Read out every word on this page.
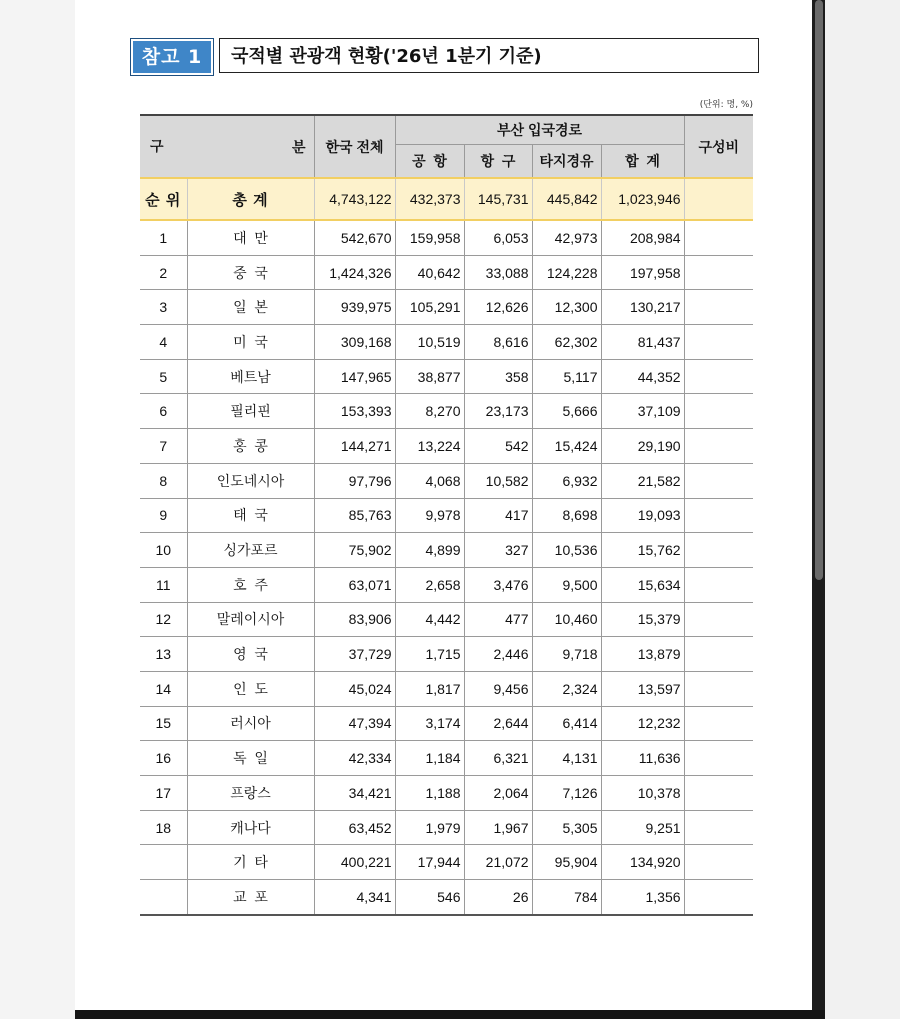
참고 1	국적별 관광객 현황('26년 1분기 기준)
(단위: 명, %)
구	분	한국 전체	부산 입국경로				구성비
			공  항	항  구	타지경유	합  계	
순 위	총 계	4,743,122	432,373	145,731	445,842	1,023,946	
1	대  만	542,670	159,958	6,053	42,973	208,984	
2	중  국	1,424,326	40,642	33,088	124,228	197,958	
3	일  본	939,975	105,291	12,626	12,300	130,217	
4	미  국	309,168	10,519	8,616	62,302	81,437	
5	베트남	147,965	38,877	358	5,117	44,352	
6	필리핀	153,393	8,270	23,173	5,666	37,109	
7	홍  콩	144,271	13,224	542	15,424	29,190	
8	인도네시아	97,796	4,068	10,582	6,932	21,582	
9	태  국	85,763	9,978	417	8,698	19,093	
10	싱가포르	75,902	4,899	327	10,536	15,762	
11	호  주	63,071	2,658	3,476	9,500	15,634	
12	말레이시아	83,906	4,442	477	10,460	15,379	
13	영  국	37,729	1,715	2,446	9,718	13,879	
14	인  도	45,024	1,817	9,456	2,324	13,597	
15	러시아	47,394	3,174	2,644	6,414	12,232	
16	독  일	42,334	1,184	6,321	4,131	11,636	
17	프랑스	34,421	1,188	2,064	7,126	10,378	
18	캐나다	63,452	1,979	1,967	5,305	9,251	
	기  타	400,221	17,944	21,072	95,904	134,920	
	교  포	4,341	546	26	784	1,356	
